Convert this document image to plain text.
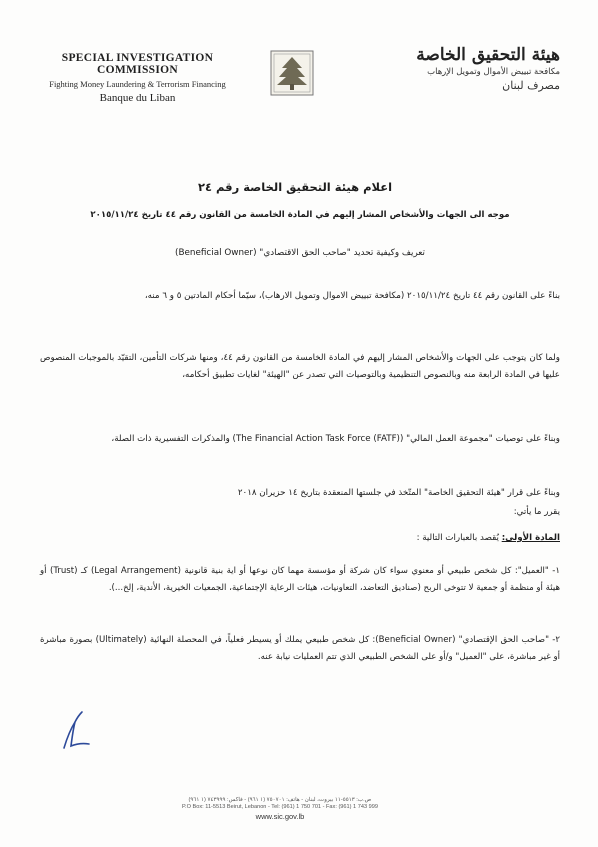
SPECIAL INVESTIGATION COMMISSION
Fighting Money Laundering & Terrorism Financing
Banque du Liban
هيئة التحقيق الخاصة
مكافحة تبييض الأموال وتمويل الإرهاب
مصرف لبنان
اعلام هيئة التحقيق الخاصة رقم ٢٤
موجه الى الجهات والأشخاص المشار إليهم في المادة الخامسة من القانون رقم ٤٤ تاريخ ٢٠١٥/١١/٢٤
تعريف وكيفية تحديد "صاحب الحق الاقتصادي" (Beneficial Owner)
بناءً على القانون رقم ٤٤ تاريخ ٢٠١٥/١١/٢٤ (مكافحة تبييض الاموال وتمويل الارهاب)، سيّما أحكام المادتين ٥ و ٦ منه،
ولما كان يتوجب على الجهات والأشخاص المشار إليهم في المادة الخامسة من القانون رقم ٤٤، ومنها شركات التأمين، التقيّد بالموجبات المنصوص عليها في المادة الرابعة منه وبالنصوص التنظيمية وبالتوصيات التي تصدر عن "الهيئة" لغايات تطبيق أحكامه،
وبناءً على توصيات "مجموعة العمل المالي" (The Financial Action Task Force (FATF)) والمذكرات التفسيرية ذات الصلة،
وبناءً على قرار "هيئة التحقيق الخاصة" المتّخذ في جلستها المنعقدة بتاريخ ١٤ حزيران ٢٠١٨
يقرر ما يأتي:
المادة الأولى: يُقصد بالعبارات التالية :
١- "العميل": كل شخص طبيعي أو معنوي سواء كان شركة أو مؤسسة مهما كان نوعها أو اية بنية قانونية (Legal Arrangement) كـ (Trust) أو هيئة أو منظمة أو جمعية لا تتوخى الربح (صناديق التعاضد، التعاونيات، هيئات الرعاية الإجتماعية، الجمعيات الخيرية، الأندية، إلخ...).
٢- "صاحب الحق الإقتصادي" (Beneficial Owner): كل شخص طبيعي يملك أو يسيطر فعلياً، في المحصلة النهائية (Ultimately) بصورة مباشرة أو غير مباشرة، على "العميل" و/أو على الشخص الطبيعي الذي تتم العمليات نيابة عنه.
ص.ب: ٥٥١٣-١١ بيروت، لبنان - هاتف: ٧٥٠٧٠١ (١ ٩٦١) - فاكس: ٧٤٣٩٩٩ (١ ٩٦١)
P.O Box: 11-5513 Beirut, Lebanon - Tel: (961) 1 750 701 - Fax: (961) 1 743 999
www.sic.gov.lb
